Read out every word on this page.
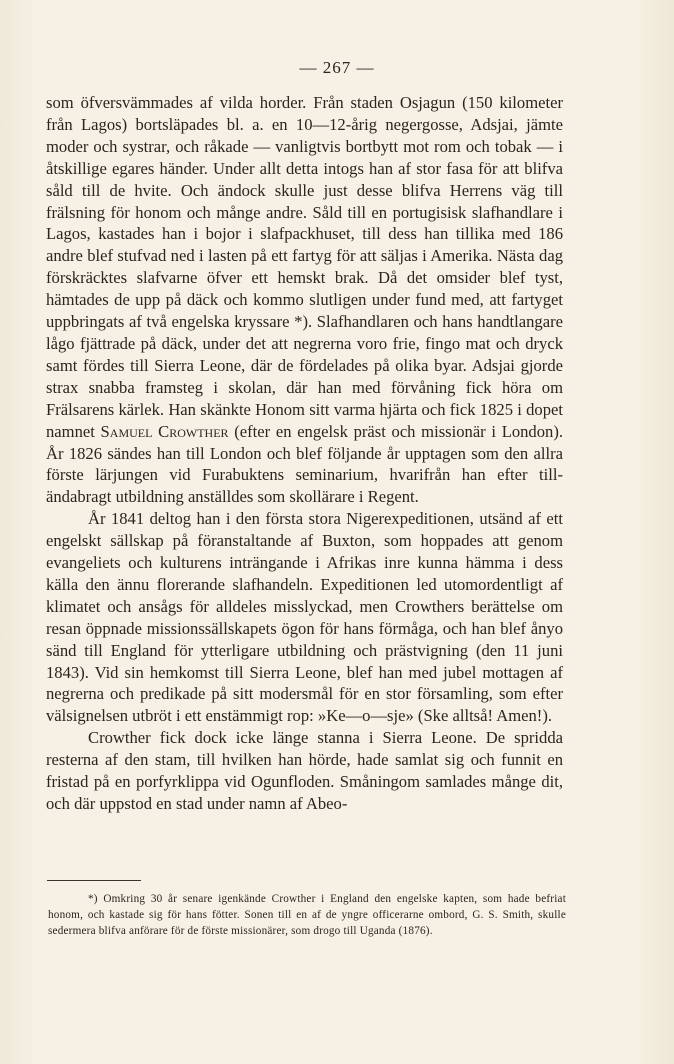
— 267 —

som öfversvämmades af vilda horder. Från staden Osjagun (150 kilometer från Lagos) bortsläpades bl. a. en 10—12-årig negergosse, Adsjai, jämte moder och systrar, och råkade — vanligtvis bortbytt mot rom och tobak — i åtskillige egares händer. Under allt detta intogs han af stor fasa för att blifva såld till de hvite. Och ändock skulle just desse blifva Herrens väg till frälsning för honom och månge andre. Såld till en portugisisk slafhandlare i Lagos, kastades han i bojor i slafpackhuset, till dess han tillika med 186 andre blef stufvad ned i lasten på ett fartyg för att säljas i Amerika. Nästa dag förskräcktes slafvarne öfver ett hemskt brak. Då det omsider blef tyst, hämtades de upp på däck och kommo slutligen under fund med, att fartyget uppbringats af två engelska kryssare *). Slafhandlaren och hans handtlangare lågo fjättrade på däck, under det att negrerna voro frie, fingo mat och dryck samt fördes till Sierra Leone, där de fördelades på olika byar. Adsjai gjorde strax snabba framsteg i skolan, där han med förvåning fick höra om Frälsarens kärlek. Han skänkte Honom sitt varma hjärta och fick 1825 i dopet namnet Samuel Crowther (efter en engelsk präst och missionär i London). År 1826 sändes han till London och blef följande år upptagen som den allra förste lärjungen vid Furabuktens seminarium, hvarifrån han efter tilländabragt utbildning anställdes som skollärare i Regent.

År 1841 deltog han i den första stora Nigerexpeditionen, utsänd af ett engelskt sällskap på föranstaltande af Buxton, som hoppades att genom evangeliets och kulturens inträngande i Afrikas inre kunna hämma i dess källa den ännu florerande slafhandeln. Expeditionen led utomordentligt af klimatet och ansågs för alldeles misslyckad, men Crowthers berättelse om resan öppnade missionssällskapets ögon för hans förmåga, och han blef ånyo sänd till England för ytterligare utbildning och prästvigning (den 11 juni 1843). Vid sin hemkomst till Sierra Leone, blef han med jubel mottagen af negrerna och predikade på sitt modersmål för en stor församling, som efter välsignelsen utbröt i ett enstämmigt rop: »Ke—o—sje» (Ske alltså! Amen!).

Crowther fick dock icke länge stanna i Sierra Leone. De spridda resterna af den stam, till hvilken han hörde, hade samlat sig och funnit en fristad på en porfyrklippa vid Ogunfloden. Småningom samlades månge dit, och där uppstod en stad under namn af Abeo-

*) Omkring 30 år senare igenkände Crowther i England den engelske kapten, som hade befriat honom, och kastade sig för hans fötter. Sonen till en af de yngre officerarne ombord, G. S. Smith, skulle sedermera blifva anförare för de förste missionärer, som drogo till Uganda (1876).
